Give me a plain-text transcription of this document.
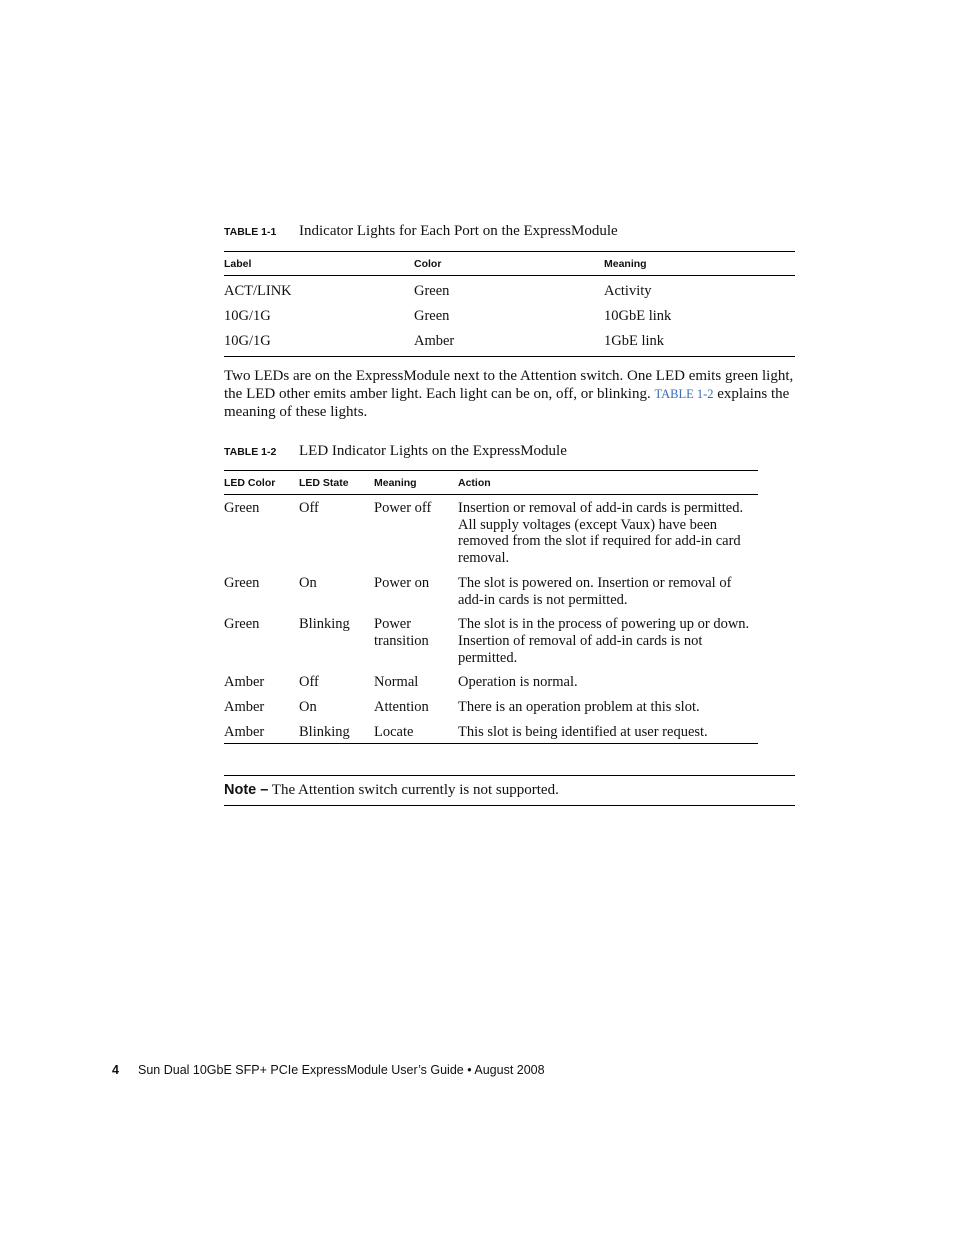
TABLE 1-1 Indicator Lights for Each Port on the ExpressModule
Label	Color	Meaning
ACT/LINK	Green	Activity
10G/1G	Green	10GbE link
10G/1G	Amber	1GbE link
Two LEDs are on the ExpressModule next to the Attention switch. One LED emits green light, the LED other emits amber light. Each light can be on, off, or blinking. TABLE 1-2 explains the meaning of these lights.
TABLE 1-2 LED Indicator Lights on the ExpressModule
LED Color	LED State	Meaning	Action
Green	Off	Power off	Insertion or removal of add-in cards is permitted. All supply voltages (except Vaux) have been removed from the slot if required for add-in card removal.
Green	On	Power on	The slot is powered on. Insertion or removal of add-in cards is not permitted.
Green	Blinking	Power transition	The slot is in the process of powering up or down. Insertion of removal of add-in cards is not permitted.
Amber	Off	Normal	Operation is normal.
Amber	On	Attention	There is an operation problem at this slot.
Amber	Blinking	Locate	This slot is being identified at user request.
Note – The Attention switch currently is not supported.
4 Sun Dual 10GbE SFP+ PCIe ExpressModule User’s Guide • August 2008
